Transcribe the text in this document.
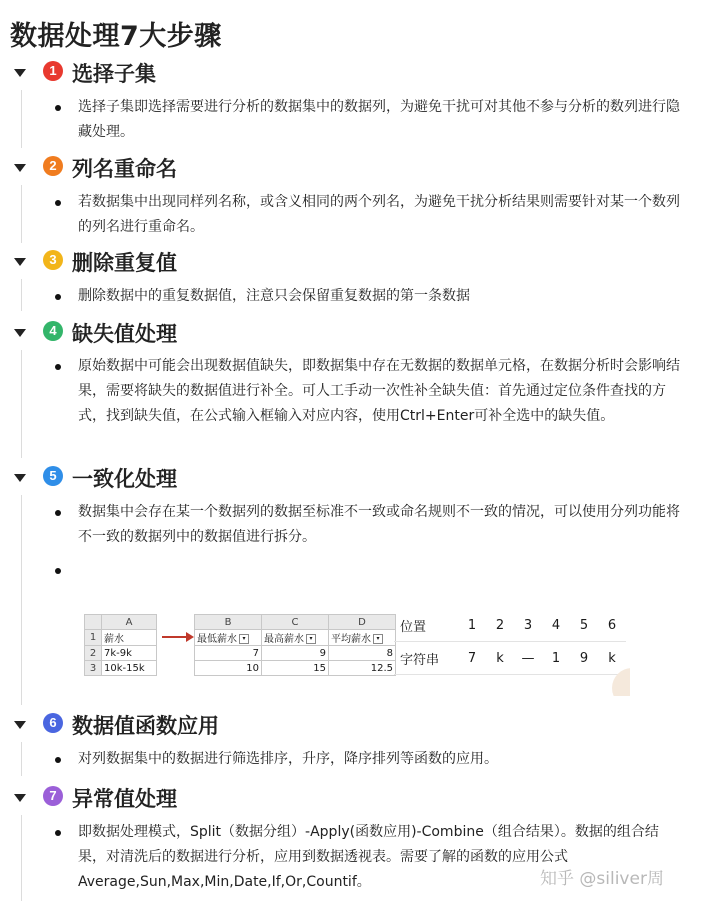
数据处理7大步骤
1 选择子集
选择子集即选择需要进行分析的数据集中的数据列，为避免干扰可对其他不参与分析的数列进行隐藏处理。
2 列名重命名
若数据集中出现同样列名称，或含义相同的两个列名，为避免干扰分析结果则需要针对某一个数列的列名进行重命名。
3 删除重复值
删除数据中的重复数据值，注意只会保留重复数据的第一条数据
4 缺失值处理
原始数据中可能会出现数据值缺失，即数据集中存在无数据的数据单元格，在数据分析时会影响结果，需要将缺失的数据值进行补全。可人工手动一次性补全缺失值：首先通过定位条件查找的方式，找到缺失值，在公式输入框输入对应内容，使用Ctrl+Enter可补全选中的缺失值。
5 一致化处理
数据集中会存在某一个数据列的数据至标准不一致或命名规则不一致的情况，可以使用分列功能将不一致的数据列中的数据值进行拆分。
	A
1	薪水
2	7k-9k
3	10k-15k
B	C	D
最低薪水 ▾	最高薪水 ▾	平均薪水 ▾
7	9	8
10	15	12.5
位置	1	2	3	4	5	6
字符串	7	k	—	1	9	k
6 数据值函数应用
对列数据集中的数据进行筛选排序，升序，降序排列等函数的应用。
7 异常值处理
即数据处理模式，Split（数据分组）-Apply(函数应用)-Combine（组合结果）。数据的组合结果，对清洗后的数据进行分析，应用到数据透视表。需要了解的函数的应用公式Average,Sun,Max,Min,Date,If,Or,Countif。	知乎 @siliver周
